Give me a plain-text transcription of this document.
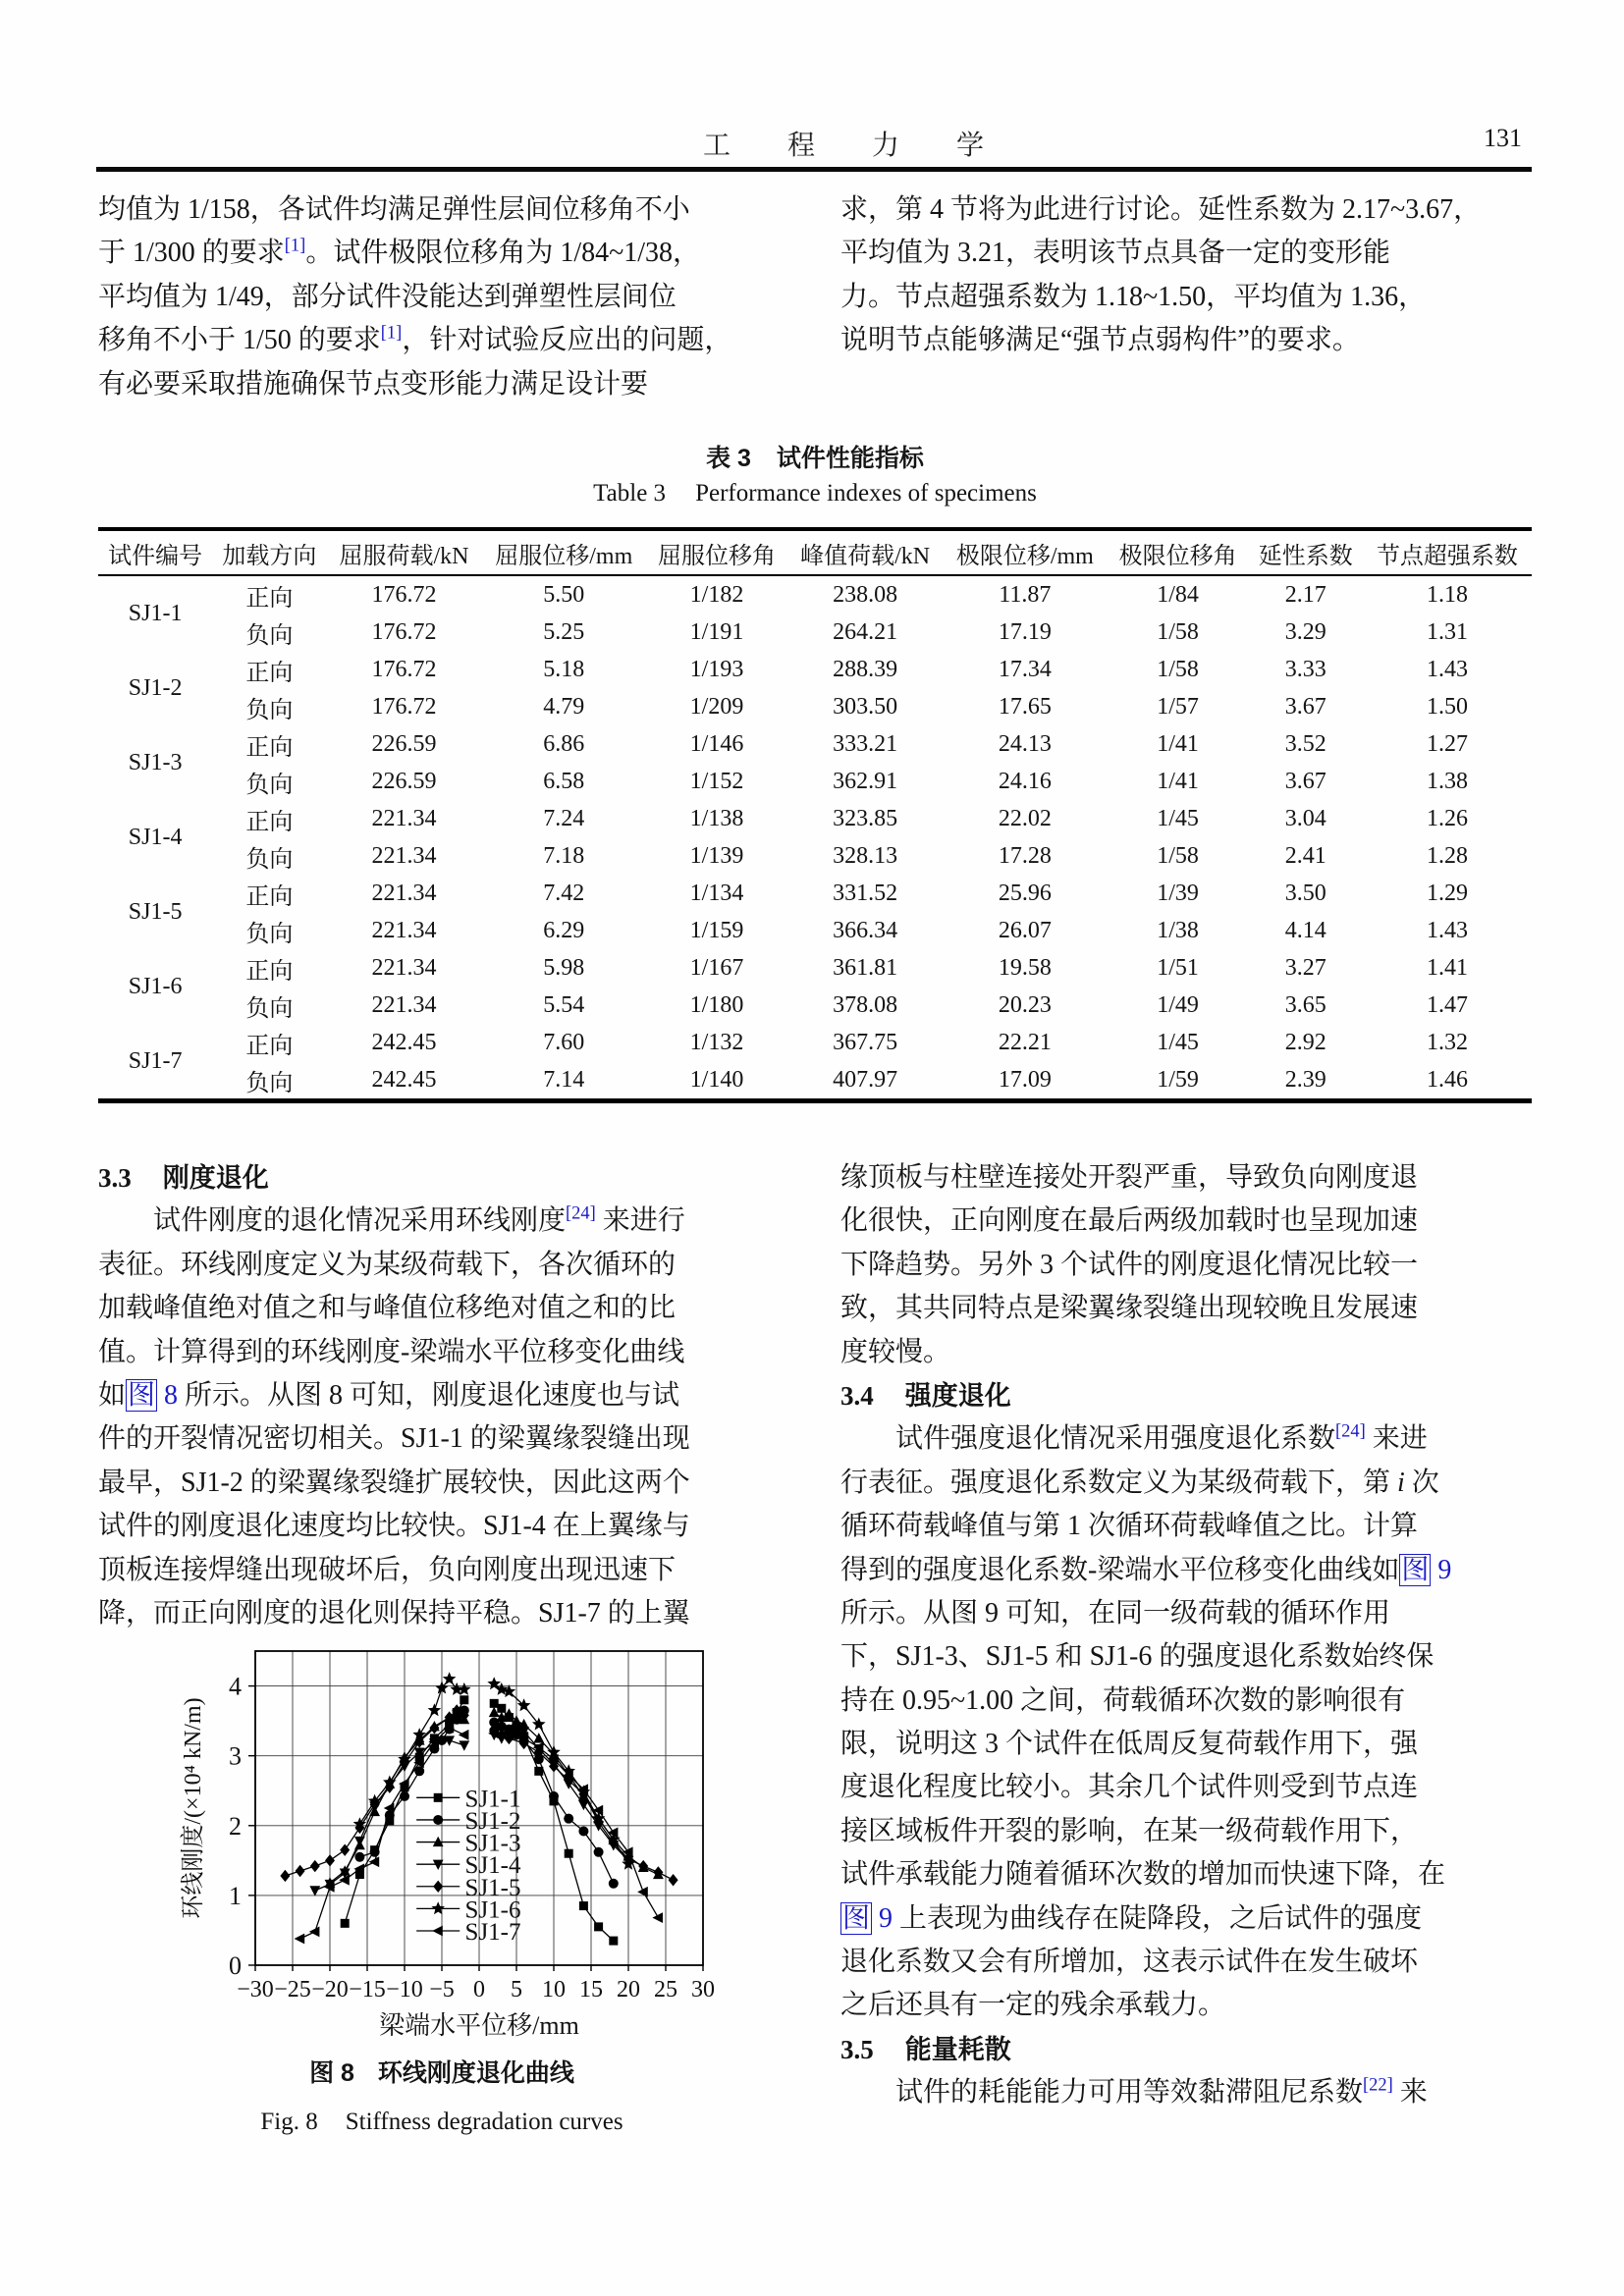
工程力学	131
均值为 1/158，各试件均满足弹性层间位移角不小
于 1/300 的要求[1]。试件极限位移角为 1/84~1/38，
平均值为 1/49，部分试件没能达到弹塑性层间位
移角不小于 1/50 的要求[1]，针对试验反应出的问题，
有必要采取措施确保节点变形能力满足设计要
求，第 4 节将为此进行讨论。延性系数为 2.17~3.67，
平均值为 3.21，表明该节点具备一定的变形能
力。节点超强系数为 1.18~1.50，平均值为 1.36，
说明节点能够满足“强节点弱构件”的要求。
表 3 试件性能指标
Table 3 Performance indexes of specimens
试件编号	加载方向	屈服荷载/kN	屈服位移/mm	屈服位移角	峰值荷载/kN	极限位移/mm	极限位移角	延性系数	节点超强系数
SJ1-1	正向	176.72	5.50	1/182	238.08	11.87	1/84	2.17	1.18
	负向	176.72	5.25	1/191	264.21	17.19	1/58	3.29	1.31
SJ1-2	正向	176.72	5.18	1/193	288.39	17.34	1/58	3.33	1.43
	负向	176.72	4.79	1/209	303.50	17.65	1/57	3.67	1.50
SJ1-3	正向	226.59	6.86	1/146	333.21	24.13	1/41	3.52	1.27
	负向	226.59	6.58	1/152	362.91	24.16	1/41	3.67	1.38
SJ1-4	正向	221.34	7.24	1/138	323.85	22.02	1/45	3.04	1.26
	负向	221.34	7.18	1/139	328.13	17.28	1/58	2.41	1.28
SJ1-5	正向	221.34	7.42	1/134	331.52	25.96	1/39	3.50	1.29
	负向	221.34	6.29	1/159	366.34	26.07	1/38	4.14	1.43
SJ1-6	正向	221.34	5.98	1/167	361.81	19.58	1/51	3.27	1.41
	负向	221.34	5.54	1/180	378.08	20.23	1/49	3.65	1.47
SJ1-7	正向	242.45	7.60	1/132	367.75	22.21	1/45	2.92	1.32
	负向	242.45	7.14	1/140	407.97	17.09	1/59	2.39	1.46
3.3 刚度退化
　　试件刚度的退化情况采用环线刚度[24] 来进行
表征。环线刚度定义为某级荷载下，各次循环的
加载峰值绝对值之和与峰值位移绝对值之和的比
值。计算得到的环线刚度-梁端水平位移变化曲线
如图 8 所示。从图 8 可知，刚度退化速度也与试
件的开裂情况密切相关。SJ1-1 的梁翼缘裂缝出现
最早，SJ1-2 的梁翼缘裂缝扩展较快，因此这两个
试件的刚度退化速度均比较快。SJ1-4 在上翼缘与
顶板连接焊缝出现破坏后，负向刚度出现迅速下
降，而正向刚度的退化则保持平稳。SJ1-7 的上翼
−30 −25 −20 −15 −10 −5 0 5 10 15 20 25 30
0
1
2
3
4
梁端水平位移/mm
环线刚度/(×10⁴ kN/m)	SJ1-1
SJ1-2
SJ1-3
SJ1-4
SJ1-5
SJ1-6
SJ1-7
图 8 环线刚度退化曲线
Fig. 8 Stiffness degradation curves
缘顶板与柱壁连接处开裂严重，导致负向刚度退
化很快，正向刚度在最后两级加载时也呈现加速
下降趋势。另外 3 个试件的刚度退化情况比较一
致，其共同特点是梁翼缘裂缝出现较晚且发展速
度较慢。
3.4 强度退化
　　试件强度退化情况采用强度退化系数[24] 来进
行表征。强度退化系数定义为某级荷载下，第 i 次
循环荷载峰值与第 1 次循环荷载峰值之比。计算
得到的强度退化系数-梁端水平位移变化曲线如图 9
所示。从图 9 可知，在同一级荷载的循环作用
下，SJ1-3、SJ1-5 和 SJ1-6 的强度退化系数始终保
持在 0.95~1.00 之间，荷载循环次数的影响很有
限，说明这 3 个试件在低周反复荷载作用下，强
度退化程度比较小。其余几个试件则受到节点连
接区域板件开裂的影响，在某一级荷载作用下，
试件承载能力随着循环次数的增加而快速下降，在
图 9 上表现为曲线存在陡降段，之后试件的强度
退化系数又会有所增加，这表示试件在发生破坏
之后还具有一定的残余承载力。
3.5 能量耗散
　　试件的耗能能力可用等效黏滞阻尼系数[22] 来
